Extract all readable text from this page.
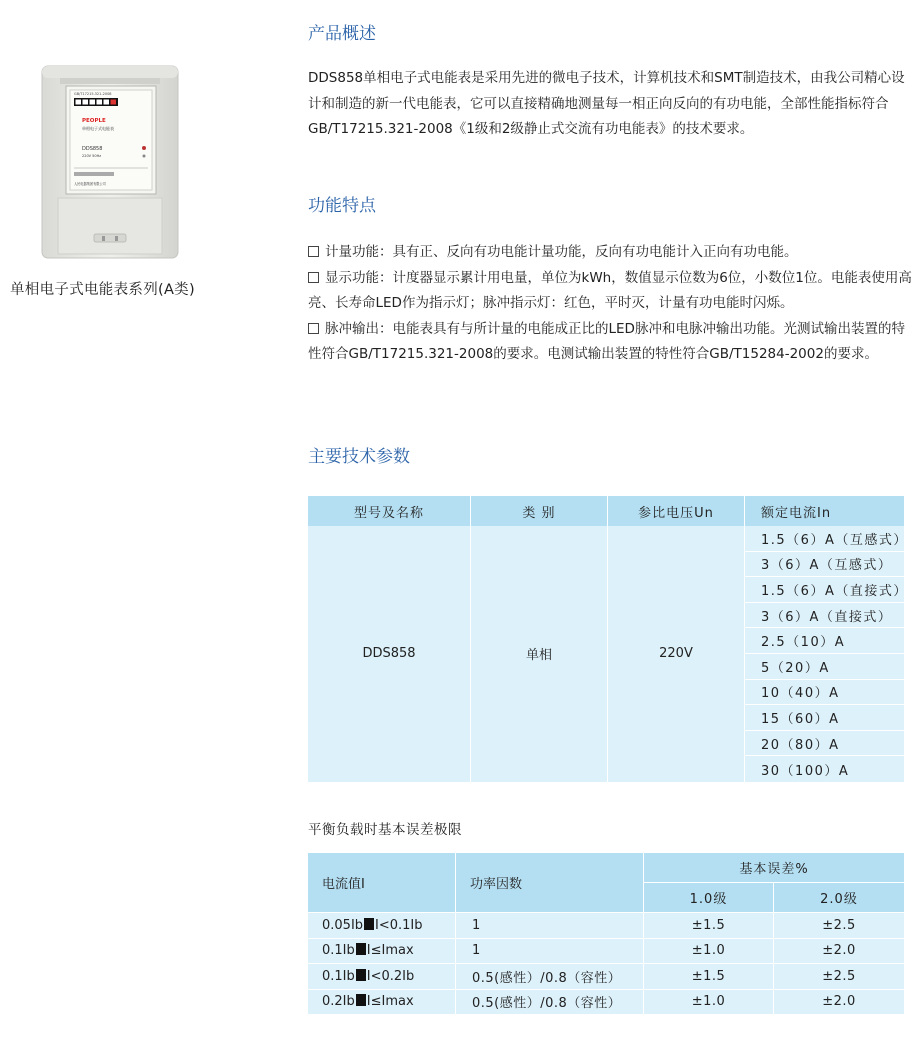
GB/T17215.321-2008
PEOPLE
单相电子式电能表
DDS858
220V 50Hz
人民电器集团有限公司
单相电子式电能表系列(A类)
产品概述

DDS858单相电子式电能表是采用先进的微电子技术，计算机技术和SMT制造技术，由我公司精心设计和制造的新一代电能表，它可以直接精确地测量每一相正向反向的有功电能，全部性能指标符合GB/T17215.321-2008《1级和2级静止式交流有功电能表》的技术要求。

功能特点
计量功能：具有正、反向有功电能计量功能，反向有功电能计入正向有功电能。
显示功能：计度器显示累计用电量，单位为kWh，数值显示位数为6位，小数位1位。电能表使用高亮、长寿命LED作为指示灯；脉冲指示灯：红色，平时灭，计量有功电能时闪烁。
脉冲输出：电能表具有与所计量的电能成正比的LED脉冲和电脉冲输出功能。光测试输出装置的特性符合GB/T17215.321-2008的要求。电测试输出装置的特性符合GB/T15284-2002的要求。
主要技术参数
型号及名称	类 别	参比电压Un	额定电流In
DDS858	单相	220V	1.5（6）A（互感式）
			3（6）A（互感式）
			1.5（6）A（直接式）
			3（6）A（直接式）
			2.5（10）A
			5（20）A
			10（40）A
			15（60）A
			20（80）A
			30（100）A
平衡负载时基本误差极限
电流值I	功率因数	基本误差%	
		1.0级	2.0级
0.05Ib I<0.1Ib	1	±1.5	±2.5
0.1Ib I≤Imax	1	±1.0	±2.0
0.1Ib I<0.2Ib	0.5(感性）/0.8（容性）	±1.5	±2.5
0.2Ib I≤Imax	0.5(感性）/0.8（容性）	±1.0	±2.0
